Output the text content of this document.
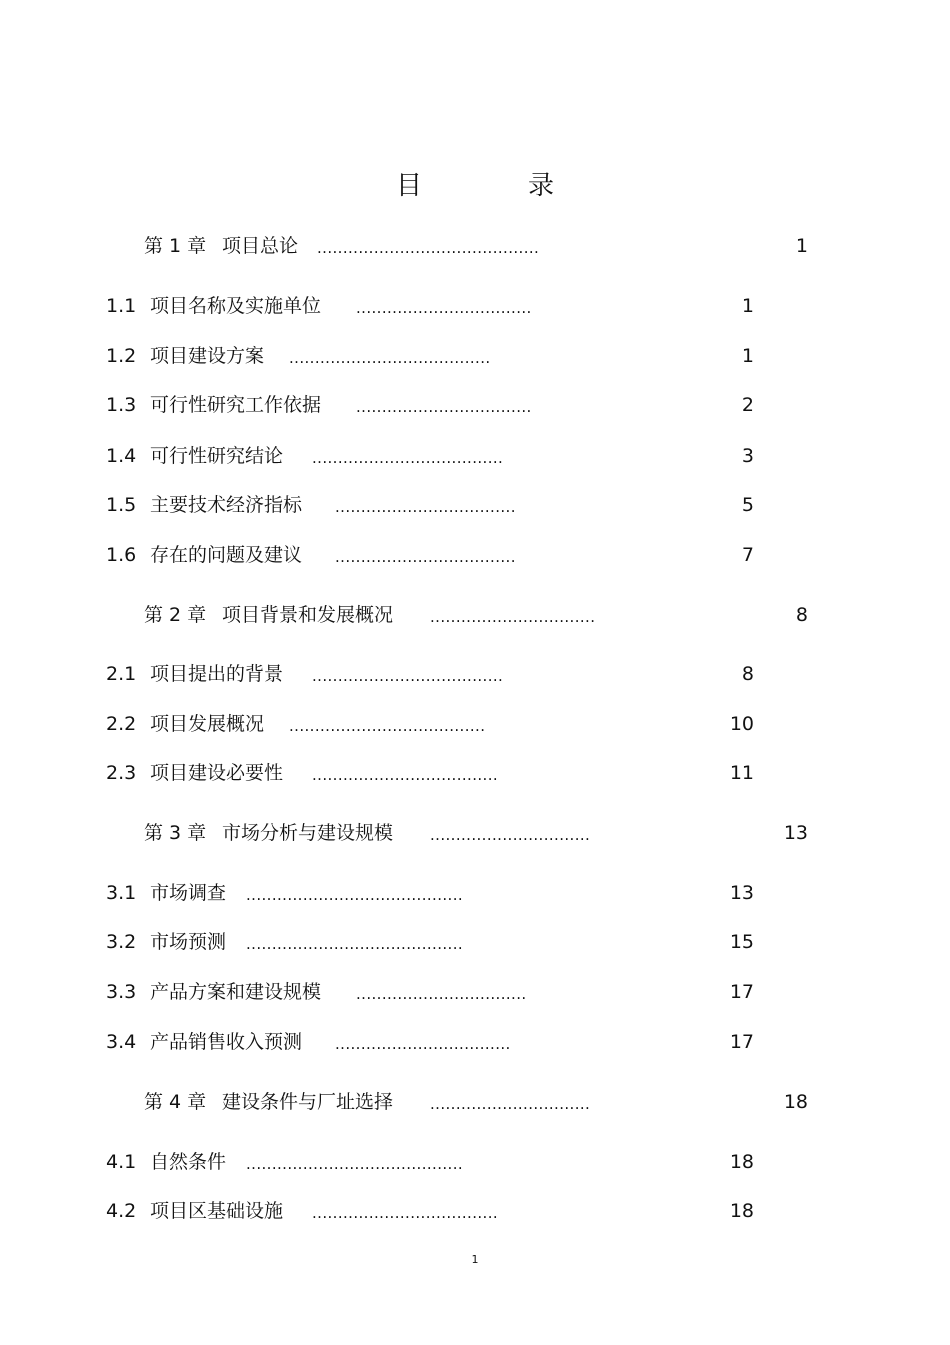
目　录
第 1 章 项目总论 ...........................................	1
1.1 项目名称及实施单位 ..................................	1
1.2 项目建设方案 .......................................	1
1.3 可行性研究工作依据 ..................................	2
1.4 可行性研究结论 .....................................	3
1.5 主要技术经济指标 ...................................	5
1.6 存在的问题及建议 ...................................	7
第 2 章 项目背景和发展概况 ................................	8
2.1 项目提出的背景 .....................................	8
2.2 项目发展概况 ......................................	10
2.3 项目建设必要性 ....................................	11
第 3 章 市场分析与建设规模 ...............................	13
3.1 市场调查 ..........................................	13
3.2 市场预测 ..........................................	15
3.3 产品方案和建设规模 .................................	17
3.4 产品销售收入预测 ..................................	17
第 4 章 建设条件与厂址选择 ...............................	18
4.1 自然条件 ..........................................	18
4.2 项目区基础设施 ....................................	18
1
